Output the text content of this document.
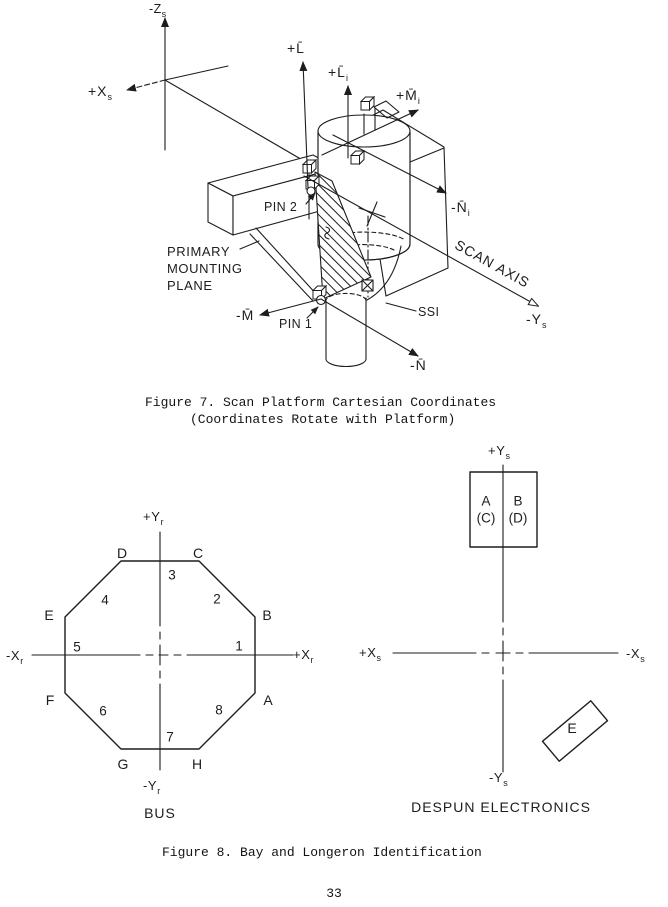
$-Z_s$
$+X_s$
+L̄
$+L̄_i$
$+M̄_i$
$-N̄_i$
SCAN AXIS
$-Y_s$
PIN 2
PIN 1
PRIMARY
MOUNTING
PLANE
-M̄
-N̄
SSI
Figure 7. Scan Platform Cartesian Coordinates
(Coordinates Rotate with Platform)
$+Y_r$
$-Y_r$
$+X_r$
$-X_r$
A
B
C
D
E
F
G	H
1
2
3
4
5
6
7
8
BUS
$+Y_s$
$-Y_s$
$+X_s$	$-X_s$
A
(C)
B
(D)
E
DESPUN ELECTRONICS
Figure 8. Bay and Longeron Identification
33
